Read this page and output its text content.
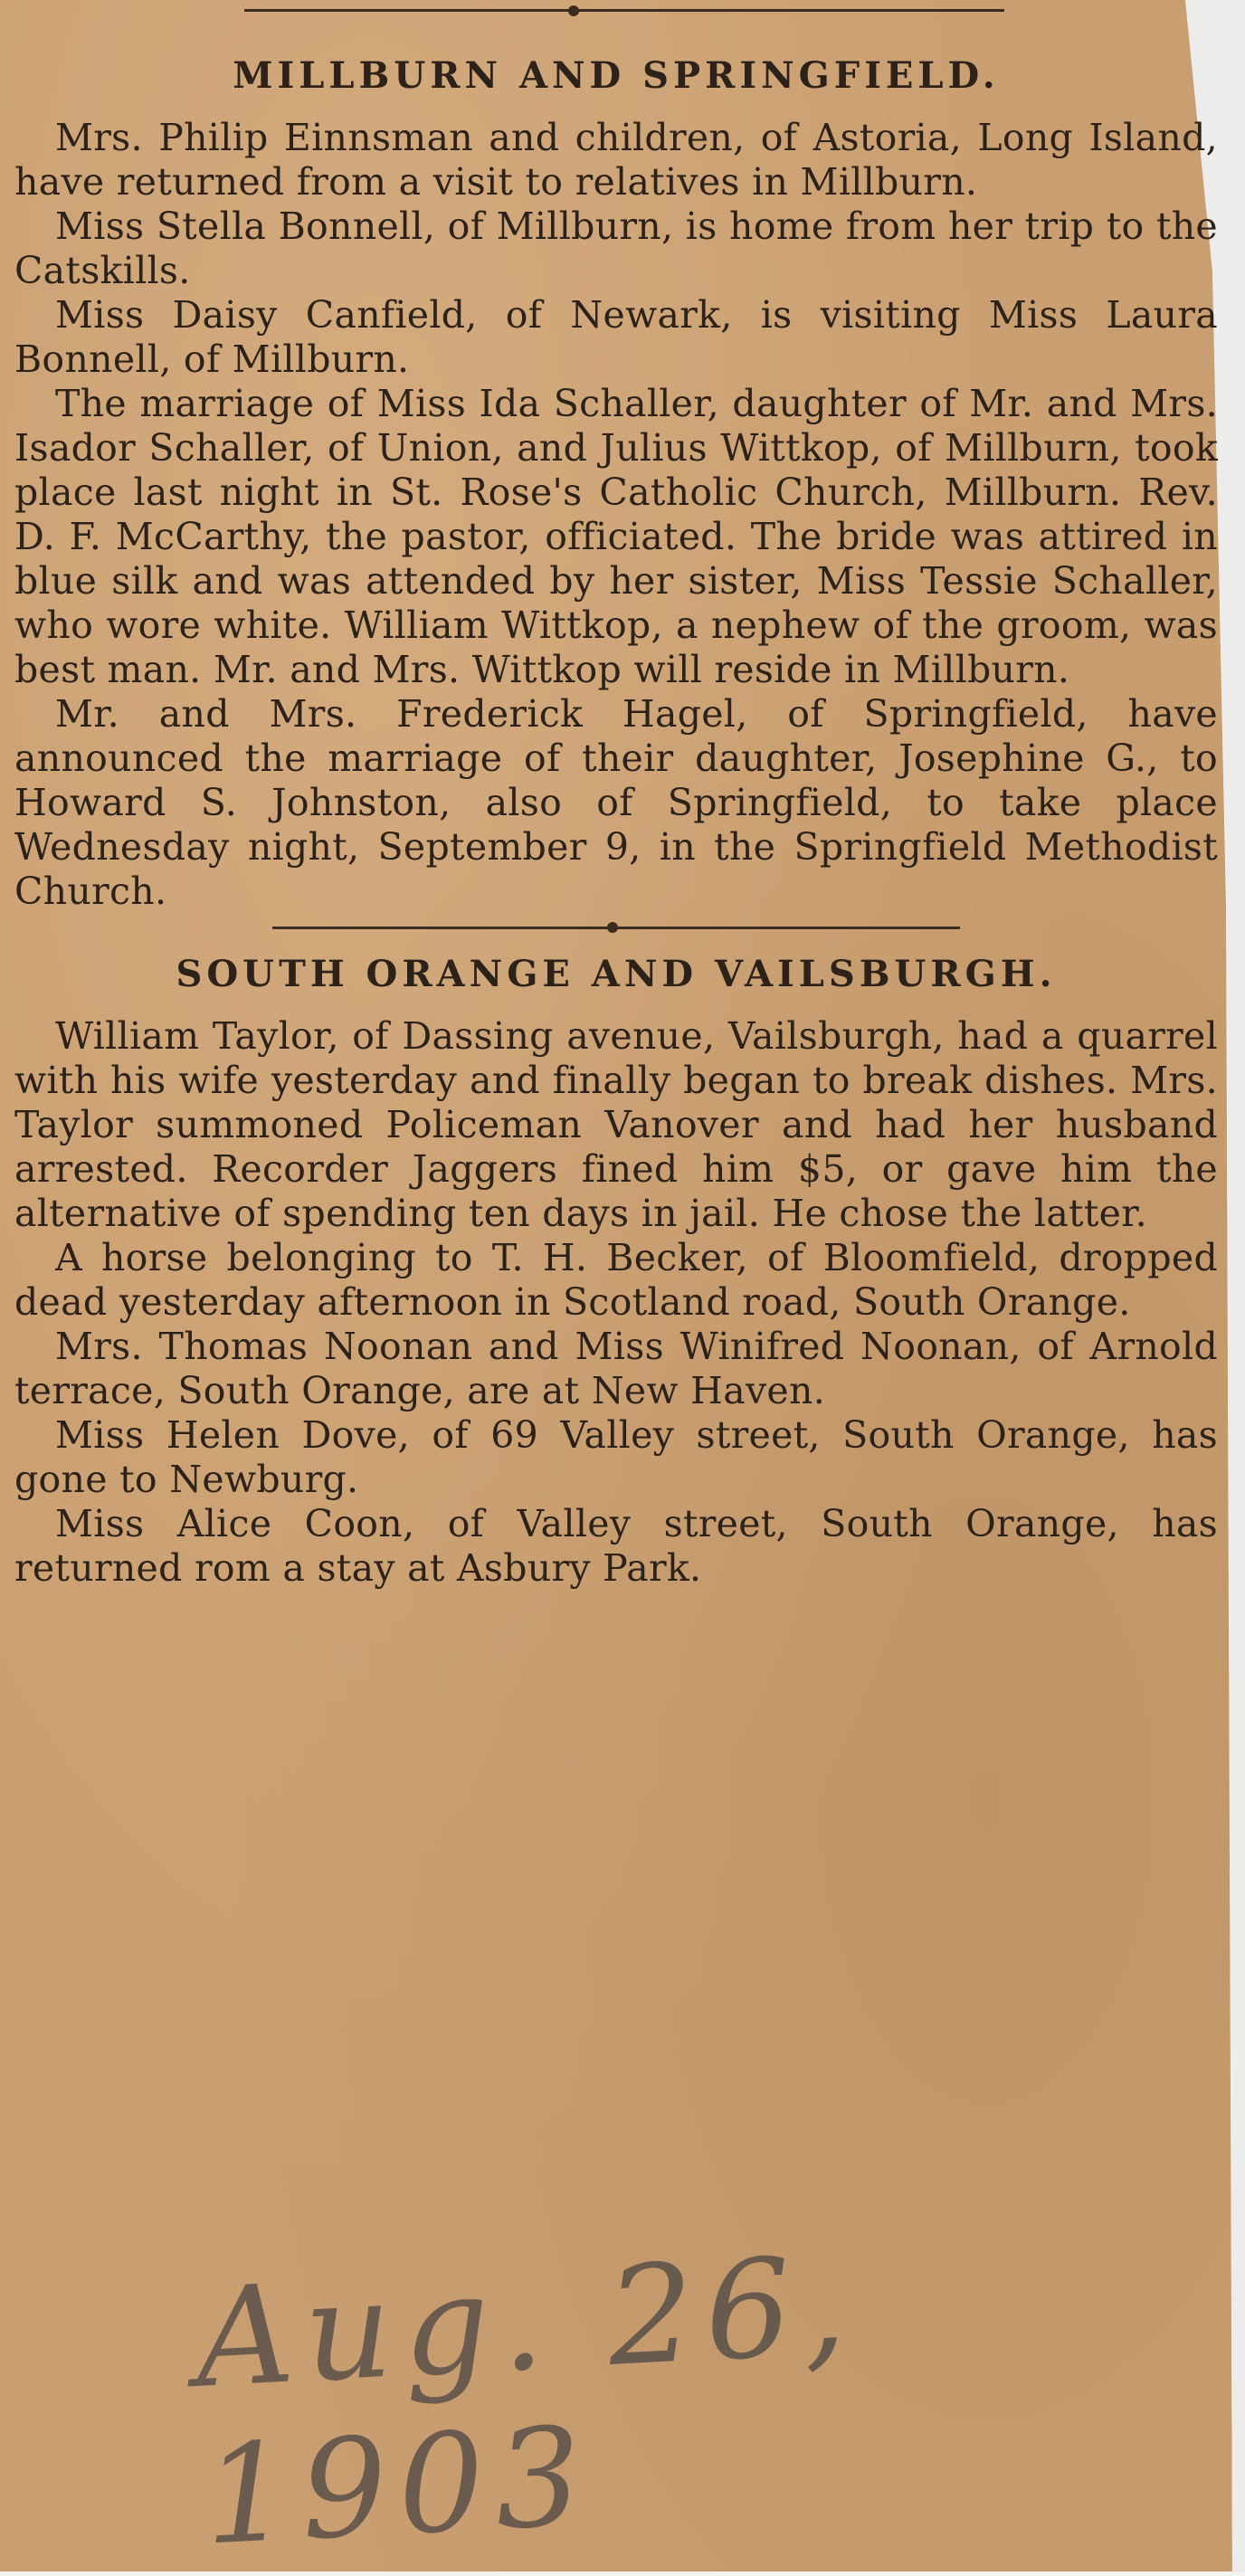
MILLBURN AND SPRINGFIELD.

Mrs. Philip Einnsman and children, of Astoria, Long Island, have returned from a visit to relatives in Millburn.

Miss Stella Bonnell, of Millburn, is home from her trip to the Catskills.

Miss Daisy Canfield, of Newark, is visiting Miss Laura Bonnell, of Millburn.

The marriage of Miss Ida Schaller, daughter of Mr. and Mrs. Isador Schaller, of Union, and Julius Wittkop, of Millburn, took place last night in St. Rose's Catholic Church, Millburn. Rev. D. F. McCarthy, the pastor, officiated. The bride was attired in blue silk and was attended by her sister, Miss Tessie Schaller, who wore white. William Wittkop, a nephew of the groom, was best man. Mr. and Mrs. Wittkop will reside in Millburn.

Mr. and Mrs. Frederick Hagel, of Springfield, have announced the marriage of their daughter, Josephine G., to Howard S. Johnston, also of Springfield, to take place Wednesday night, September 9, in the Springfield Methodist Church.

SOUTH ORANGE AND VAILSBURGH.

William Taylor, of Dassing avenue, Vailsburgh, had a quarrel with his wife yesterday and finally began to break dishes. Mrs. Taylor summoned Policeman Vanover and had her husband arrested. Recorder Jaggers fined him $5, or gave him the alternative of spending ten days in jail. He chose the latter.

A horse belonging to T. H. Becker, of Bloomfield, dropped dead yesterday afternoon in Scotland road, South Orange.

Mrs. Thomas Noonan and Miss Winifred Noonan, of Arnold terrace, South Orange, are at New Haven.

Miss Helen Dove, of 69 Valley street, South Orange, has gone to Newburg.

Miss Alice Coon, of Valley street, South Orange, has returned rom a stay at Asbury Park.

Aug. 26, 1903
